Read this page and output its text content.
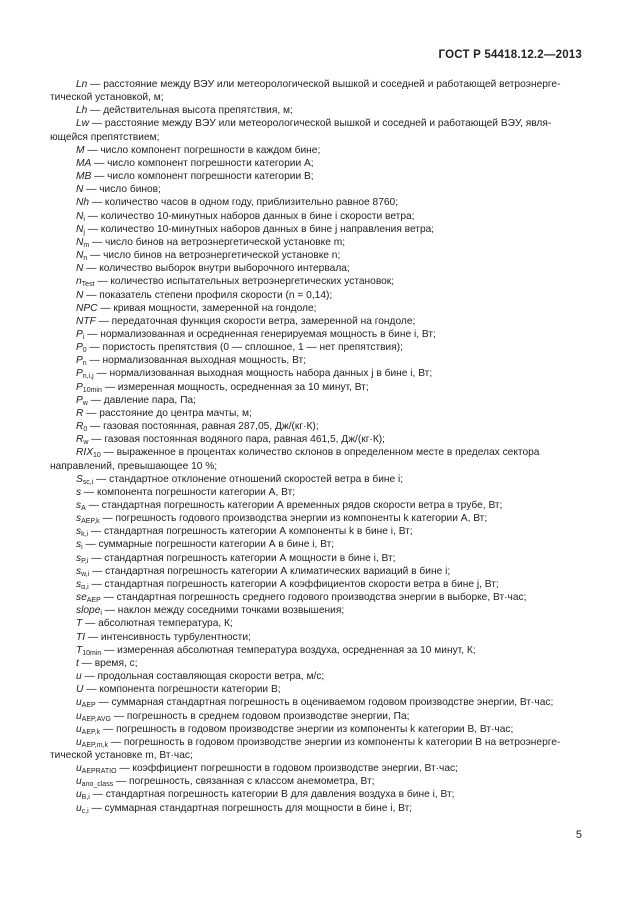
ГОСТ Р 54418.12.2—2013
Ln — расстояние между ВЭУ или метеорологической вышкой и соседней и работающей ветроэнерге-
тической установкой, м;
Lh — действительная высота препятствия, м;
Lw — расстояние между ВЭУ или метеорологической вышкой и соседней и работающей ВЭУ, явля-
ющейся препятствием;
M — число компонент погрешности в каждом бине;
MA — число компонент погрешности категории А;
MB — число компонент погрешности категории В;
N — число бинов;
Nh — количество часов в одном году, приблизительно равное 8760;
$N_i$ — количество 10-минутных наборов данных в бине i скорости ветра;
$N_j$ — количество 10-минутных наборов данных в бине j направления ветра;
$N_m$ — число бинов на ветроэнергетической установке m;
$N_n$ — число бинов на ветроэнергетической установке n;
N — количество выборок внутри выборочного интервала;
$n_{Test}$ — количество испытательных ветроэнергетических установок;
N — показатель степени профиля скорости (n = 0,14);
NPC — кривая мощности, замеренной на гондоле;
NTF — передаточная функция скорости ветра, замеренной на гондоле;
$P_i$ — нормализованная и осредненная генерируемая мощность в бине i, Вт;
$P_0$ — пористость препятствия (0 — сплошное, 1 — нет препятствия);
$P_n$ — нормализованная выходная мощность, Вт;
$P_{n,i,j}$ — нормализованная выходная мощность набора данных j в бине i, Вт;
$P_{10min}$ — измеренная мощность, осредненная за 10 минут, Вт;
$P_w$ — давление пара, Па;
R — расстояние до центра мачты, м;
$R_0$ — газовая постоянная, равная 287,05, Дж/(кг·К);
$R_w$ — газовая постоянная водяного пара, равная 461,5, Дж/(кг·К);
$RIX_{10}$ — выраженное в процентах количество склонов в определенном месте в пределах сектора
направлений, превышающее 10 %;
$S_{sc,i}$ — стандартное отклонение отношений скоростей ветра в бине i;
s — компонента погрешности категории А, Вт;
$s_A$ — стандартная погрешность категории А временных рядов скорости ветра в трубе, Вт;
$s_{AEP,k}$ — погрешность годового производства энергии из компоненты k категории А, Вт;
$s_{k,i}$ — стандартная погрешность категории А компоненты k в бине i, Вт;
$s_i$ — суммарные погрешности категории А в бине i, Вт;
$s_{P,i}$ — стандартная погрешность категории А мощности в бине i, Вт;
$s_{w,i}$ — стандартная погрешность категории А климатических вариаций в бине i;
$s_{\alpha,i}$ — стандартная погрешность категории А коэффициентов скорости ветра в бине j, Вт;
$se_{AEP}$ — стандартная погрешность среднего годового производства энергии в выборке, Вт·час;
slope$_i$ — наклон между соседними точками возвышения;
T — абсолютная температура, К;
TI — интенсивность турбулентности;
$T_{10min}$ — измеренная абсолютная температура воздуха, осредненная за 10 минут, К;
t — время, с;
u — продольная составляющая скорости ветра, м/с;
U — компонента погрешности категории В;
$u_{AEP}$ — суммарная стандартная погрешность в оцениваемом годовом производстве энергии, Вт·час;
$u_{AEP,AVG}$ — погрешность в среднем годовом производстве энергии, Па;
$u_{AEP,k}$ — погрешность в годовом производстве энергии из компоненты k категории В, Вт·час;
$u_{AEP,m,k}$ — погрешность в годовом производстве энергии из компоненты k категории В на ветроэнерге-
тической установке m, Вт·час;
$u_{AEPRATIO}$ — коэффициент погрешности в годовом производстве энергии, Вт·час;
$u_{ano\_class}$ — погрешность, связанная с классом анемометра, Вт;
$u_{B,i}$ — стандартная погрешность категории В для давления воздуха в бине i, Вт;
$u_{c,i}$ — суммарная стандартная погрешность для мощности в бине i, Вт;
5
